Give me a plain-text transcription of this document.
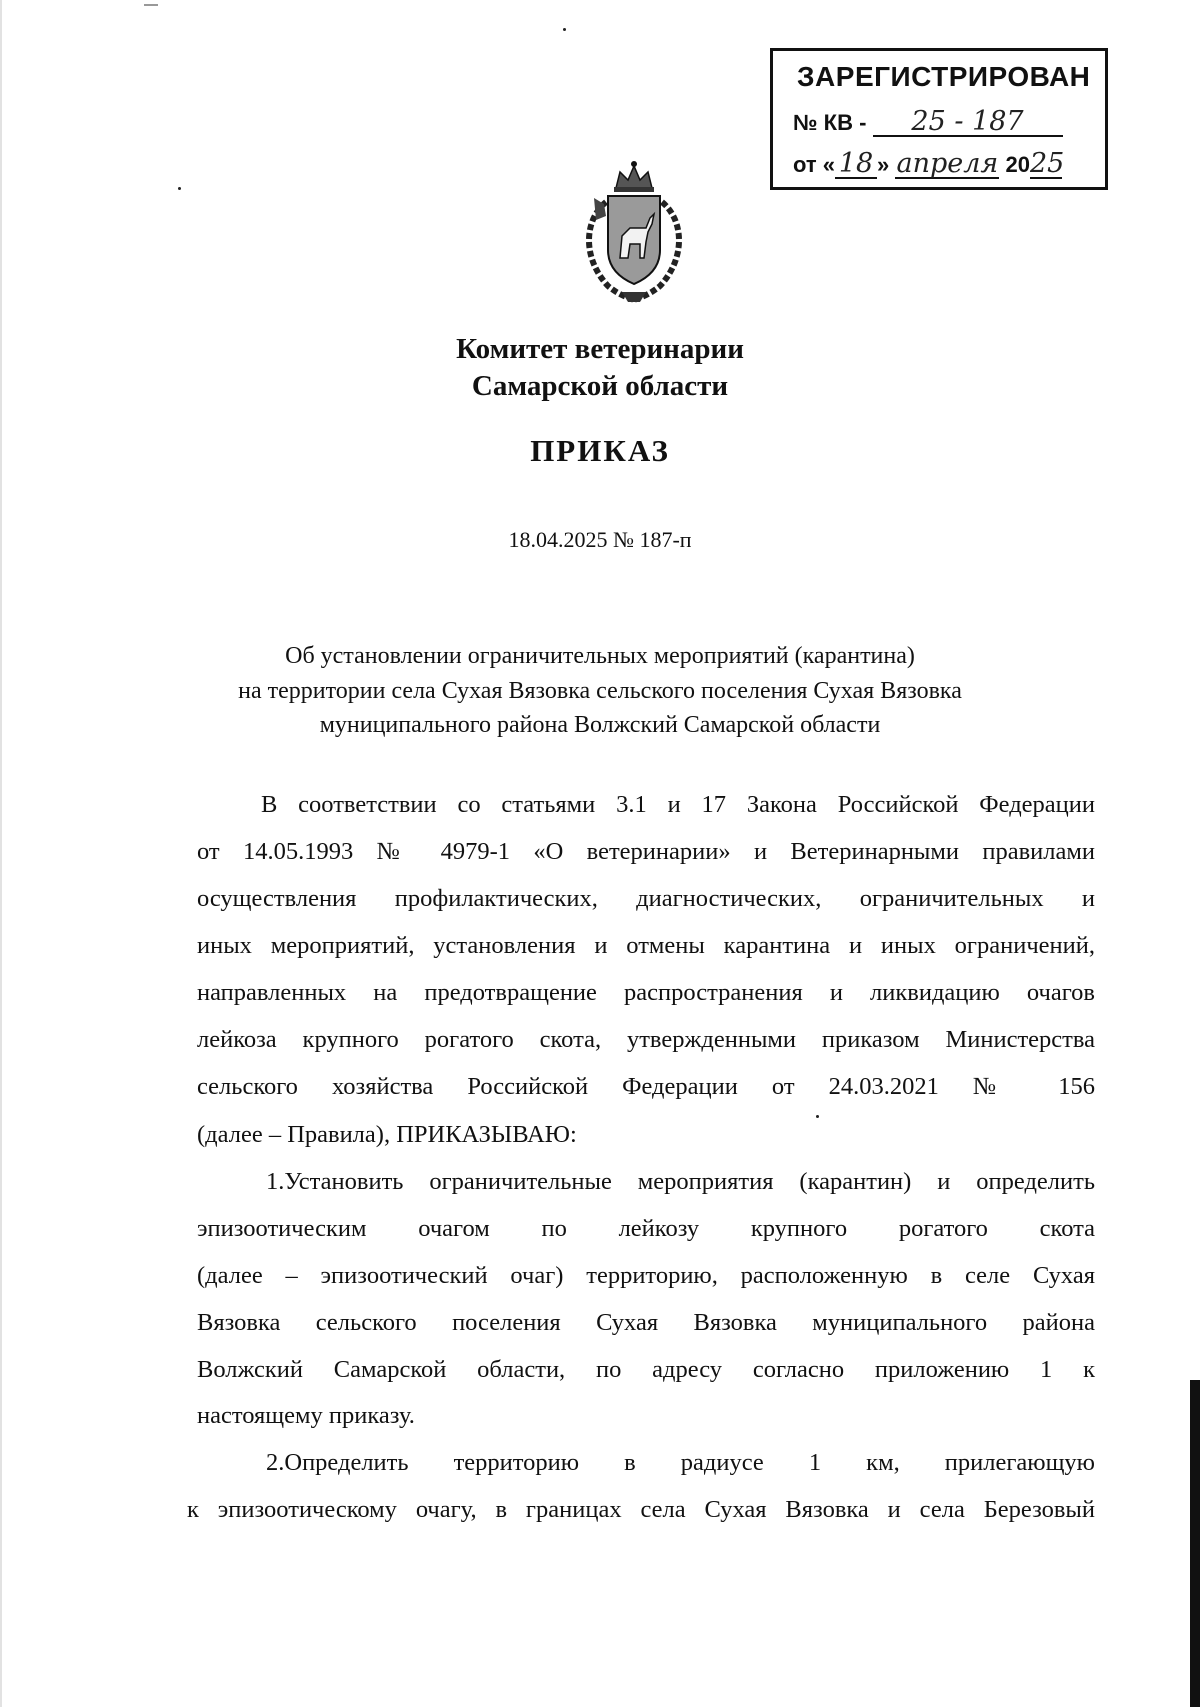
ЗАРЕГИСТРИРОВАН
№ КВ - 25 - 187
от « 18 » апреля 2025
Комитет ветеринарии
Самарской области
ПРИКАЗ
18.04.2025 № 187-п
Об установлении ограничительных мероприятий (карантина)
на территории села Сухая Вязовка сельского поселения Сухая Вязовка
муниципального района Волжский Самарской области
В соответствии со статьями 3.1 и 17 Закона Российской Федерации
от 14.05.1993 № 4979-1 «О ветеринарии» и Ветеринарными правилами
осуществления профилактических, диагностических, ограничительных и
иных мероприятий, установления и отмены карантина и иных ограничений,
направленных на предотвращение распространения и ликвидацию очагов
лейкоза крупного рогатого скота, утвержденными приказом Министерства
сельского хозяйства Российской Федерации от 24.03.2021 № 156
(далее – Правила), ПРИКАЗЫВАЮ:
1.Установить ограничительные мероприятия (карантин) и определить
эпизоотическим очагом по лейкозу крупного рогатого скота
(далее – эпизоотический очаг) территорию, расположенную в селе Сухая
Вязовка сельского поселения Сухая Вязовка муниципального района
Волжский Самарской области, по адресу согласно приложению 1 к
настоящему приказу.
2.Определить территорию в радиусе 1 км, прилегающую
к эпизоотическому очагу, в границах села Сухая Вязовка и села Березовый
